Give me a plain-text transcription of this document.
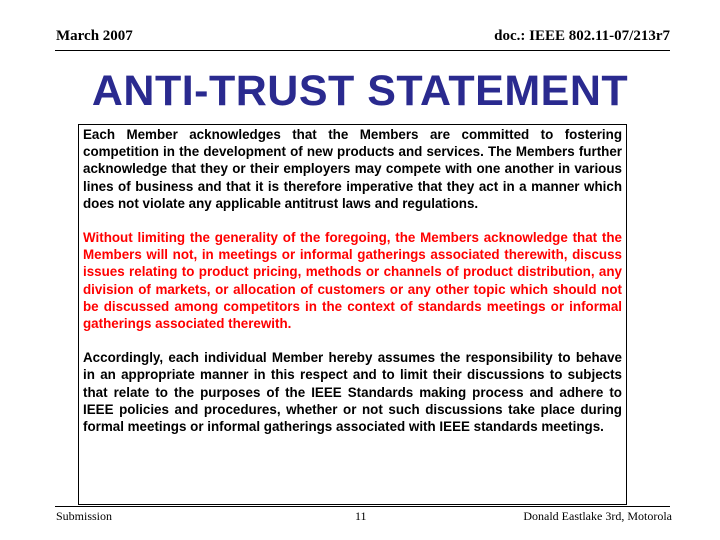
March 2007	doc.: IEEE 802.11-07/213r7
ANTI-TRUST STATEMENT

Each Member acknowledges that the Members are committed to fostering competition in the development of new products and services. The Members further acknowledge that they or their employers may compete with one another in various lines of business and that it is therefore imperative that they act in a manner which does not violate any applicable antitrust laws and regulations.

Without limiting the generality of the foregoing, the Members acknowledge that the Members will not, in meetings or informal gatherings associated therewith, discuss issues relating to product pricing, methods or channels of product distribution, any division of markets, or allocation of customers or any other topic which should not be discussed among competitors in the context of standards meetings or informal gatherings associated therewith.

Accordingly, each individual Member hereby assumes the responsibility to behave in an appropriate manner in this respect and to limit their discussions to subjects that relate to the purposes of the IEEE Standards making process and adhere to IEEE policies and procedures, whether or not such discussions take place during formal meetings or informal gatherings associated with IEEE standards meetings.

Submission	11	Donald Eastlake 3rd, Motorola
